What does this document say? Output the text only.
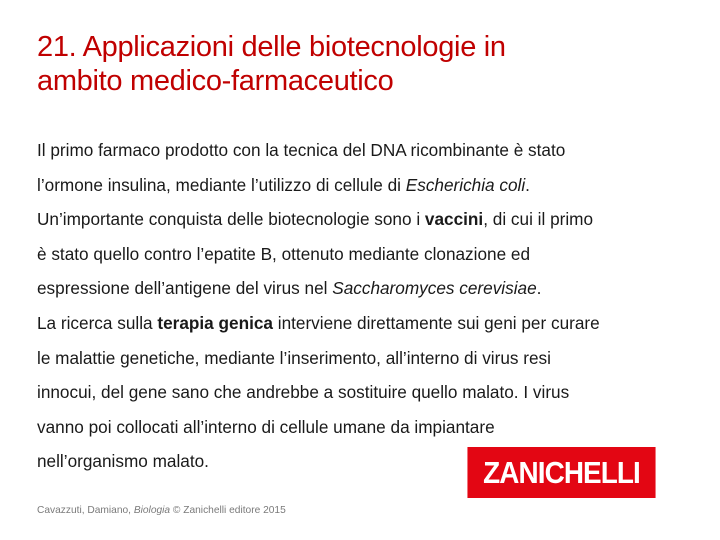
21. Applicazioni delle biotecnologie in
ambito medico-farmaceutico
Il primo farmaco prodotto con la tecnica del DNA ricombinante è stato
l’ormone insulina, mediante l’utilizzo di cellule di Escherichia coli.
Un’importante conquista delle biotecnologie sono i vaccini, di cui il primo
è stato quello contro l’epatite B, ottenuto mediante clonazione ed
espressione dell’antigene del virus nel Saccharomyces cerevisiae.
La ricerca sulla terapia genica interviene direttamente sui geni per curare
le malattie genetiche, mediante l’inserimento, all’interno di virus resi
innocui, del gene sano che andrebbe a sostituire quello malato. I virus
vanno poi collocati all’interno di cellule umane da impiantare
nell’organismo malato.	ZANICHELLI
Cavazzuti, Damiano, Biologia © Zanichelli editore 2015
